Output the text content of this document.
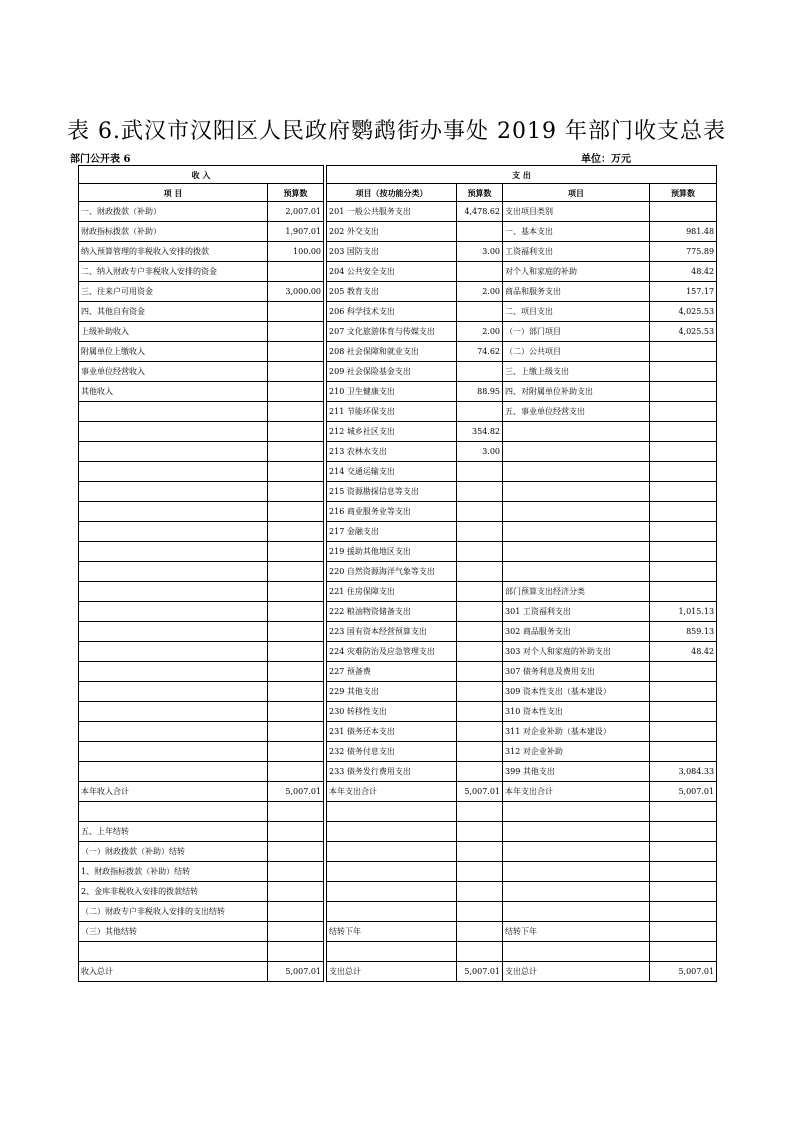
表 6.武汉市汉阳区人民政府鹦鹉街办事处 2019 年部门收支总表
部门公开表 6	单位：万元
收 入			支 出			
项 目	预算数		项目（按功能分类）	预算数	项目	预算数
一、财政拨款（补助）	2,007.01		201 一般公共服务支出	4,478.62	支出项目类别	
财政指标拨款（补助）	1,907.01		202 外交支出		一、基本支出	981.48
纳入预算管理的非税收入安排的拨款	100.00		203 国防支出	3.00	工资福利支出	775.89
二、纳入财政专户非税收入安排的资金			204 公共安全支出		对个人和家庭的补助	48.42
三、往来户可用资金	3,000.00		205 教育支出	2.00	商品和服务支出	157.17
四、其他自有资金			206 科学技术支出		二、项目支出	4,025.53
上级补助收入			207 文化旅游体育与传媒支出	2.00	（一）部门项目	4,025.53
附属单位上缴收入			208 社会保障和就业支出	74.62	（二）公共项目	
事业单位经营收入			209 社会保险基金支出		三、上缴上级支出	
其他收入			210 卫生健康支出	88.95	四、对附属单位补助支出	
			211 节能环保支出		五、事业单位经营支出	
			212 城乡社区支出	354.82		
			213 农林水支出	3.00		
			214 交通运输支出			
			215 资源勘探信息等支出			
			216 商业服务业等支出			
			217 金融支出			
			219 援助其他地区支出			
			220 自然资源海洋气象等支出			
			221 住房保障支出		部门预算支出经济分类	
			222 粮油物资储备支出		301 工资福利支出	1,015.13
			223 国有资本经营预算支出		302 商品服务支出	859.13
			224 灾难防治及应急管理支出		303 对个人和家庭的补助支出	48.42
			227 预备费		307 债务利息及费用支出	
			229 其他支出		309 资本性支出（基本建设）	
			230 转移性支出		310 资本性支出	
			231 债务还本支出		311 对企业补助（基本建设）	
			232 债务付息支出		312 对企业补助	
			233 债务发行费用支出		399 其他支出	3,084.33
本年收入合计	5,007.01		本年支出合计	5,007.01	本年支出合计	5,007.01

五、上年结转						
（一）财政拨款（补助）结转						
1、财政指标拨款（补助）结转						
2、金库非税收入安排的拨款结转						
（二）财政专户非税收入安排的支出结转						
（三）其他结转			结转下年		结转下年	

收入总计	5,007.01		支出总计	5,007.01	支出总计	5,007.01
